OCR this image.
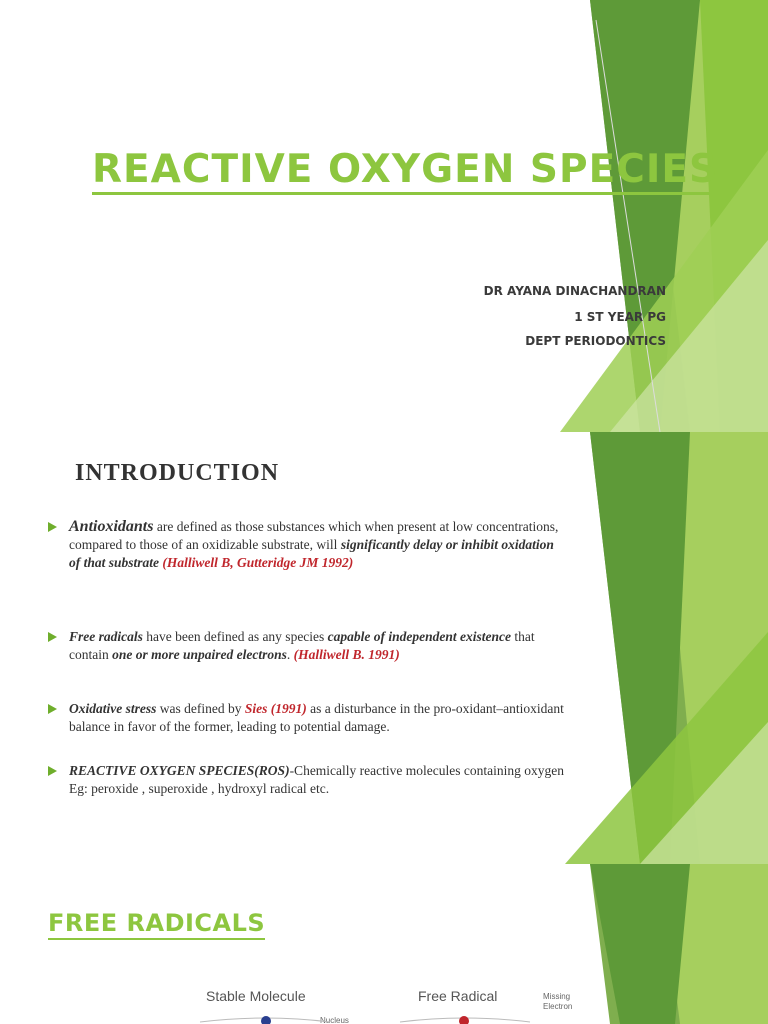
REACTIVE OXYGEN SPECIES
DR AYANA DINACHANDRAN
1 ST YEAR PG
DEPT PERIODONTICS
INTRODUCTION
Antioxidants are defined as those substances which when present at low concentrations, compared to those of an oxidizable substrate, will significantly delay or inhibit oxidation of that substrate (Halliwell B, Gutteridge JM 1992)
Free radicals have been defined as any species capable of independent existence that contain one or more unpaired electrons. (Halliwell B. 1991)
Oxidative stress was defined by Sies (1991) as a disturbance in the pro-oxidant–antioxidant balance in favor of the former, leading to potential damage.
REACTIVE OXYGEN SPECIES(ROS)-Chemically reactive molecules containing oxygen Eg: peroxide , superoxide , hydroxyl radical etc.
FREE RADICALS
Stable Molecule	Free Radical	Missing
Electron
Nucleus
